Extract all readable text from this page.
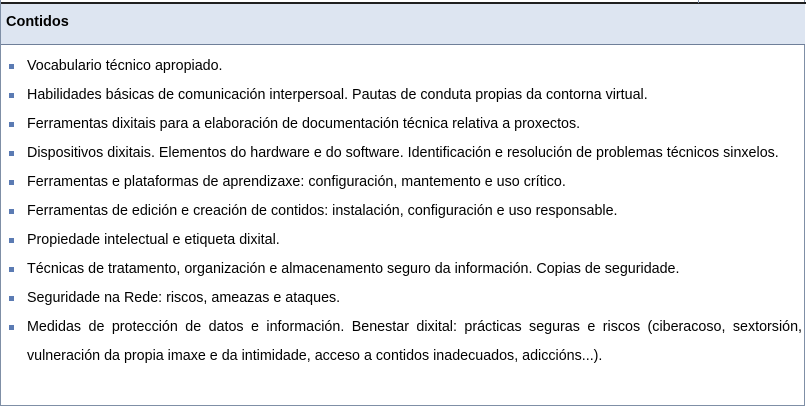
Contidos
Vocabulario técnico apropiado.
Habilidades básicas de comunicación interpersoal. Pautas de conduta propias da contorna virtual.
Ferramentas dixitais para a elaboración de documentación técnica relativa a proxectos.
Dispositivos dixitais. Elementos do hardware e do software. Identificación e resolución de problemas técnicos sinxelos.
Ferramentas e plataformas de aprendizaxe: configuración, mantemento e uso crítico.
Ferramentas de edición e creación de contidos: instalación, configuración e uso responsable.
Propiedade intelectual e etiqueta dixital.
Técnicas de tratamento, organización e almacenamento seguro da información. Copias de seguridade.
Seguridade na Rede: riscos, ameazas e ataques.
Medidas de protección de datos e información. Benestar dixital: prácticas seguras e riscos (ciberacoso, sextorsión, vulneración da propia imaxe e da intimidade, acceso a contidos inadecuados, adiccións...).
